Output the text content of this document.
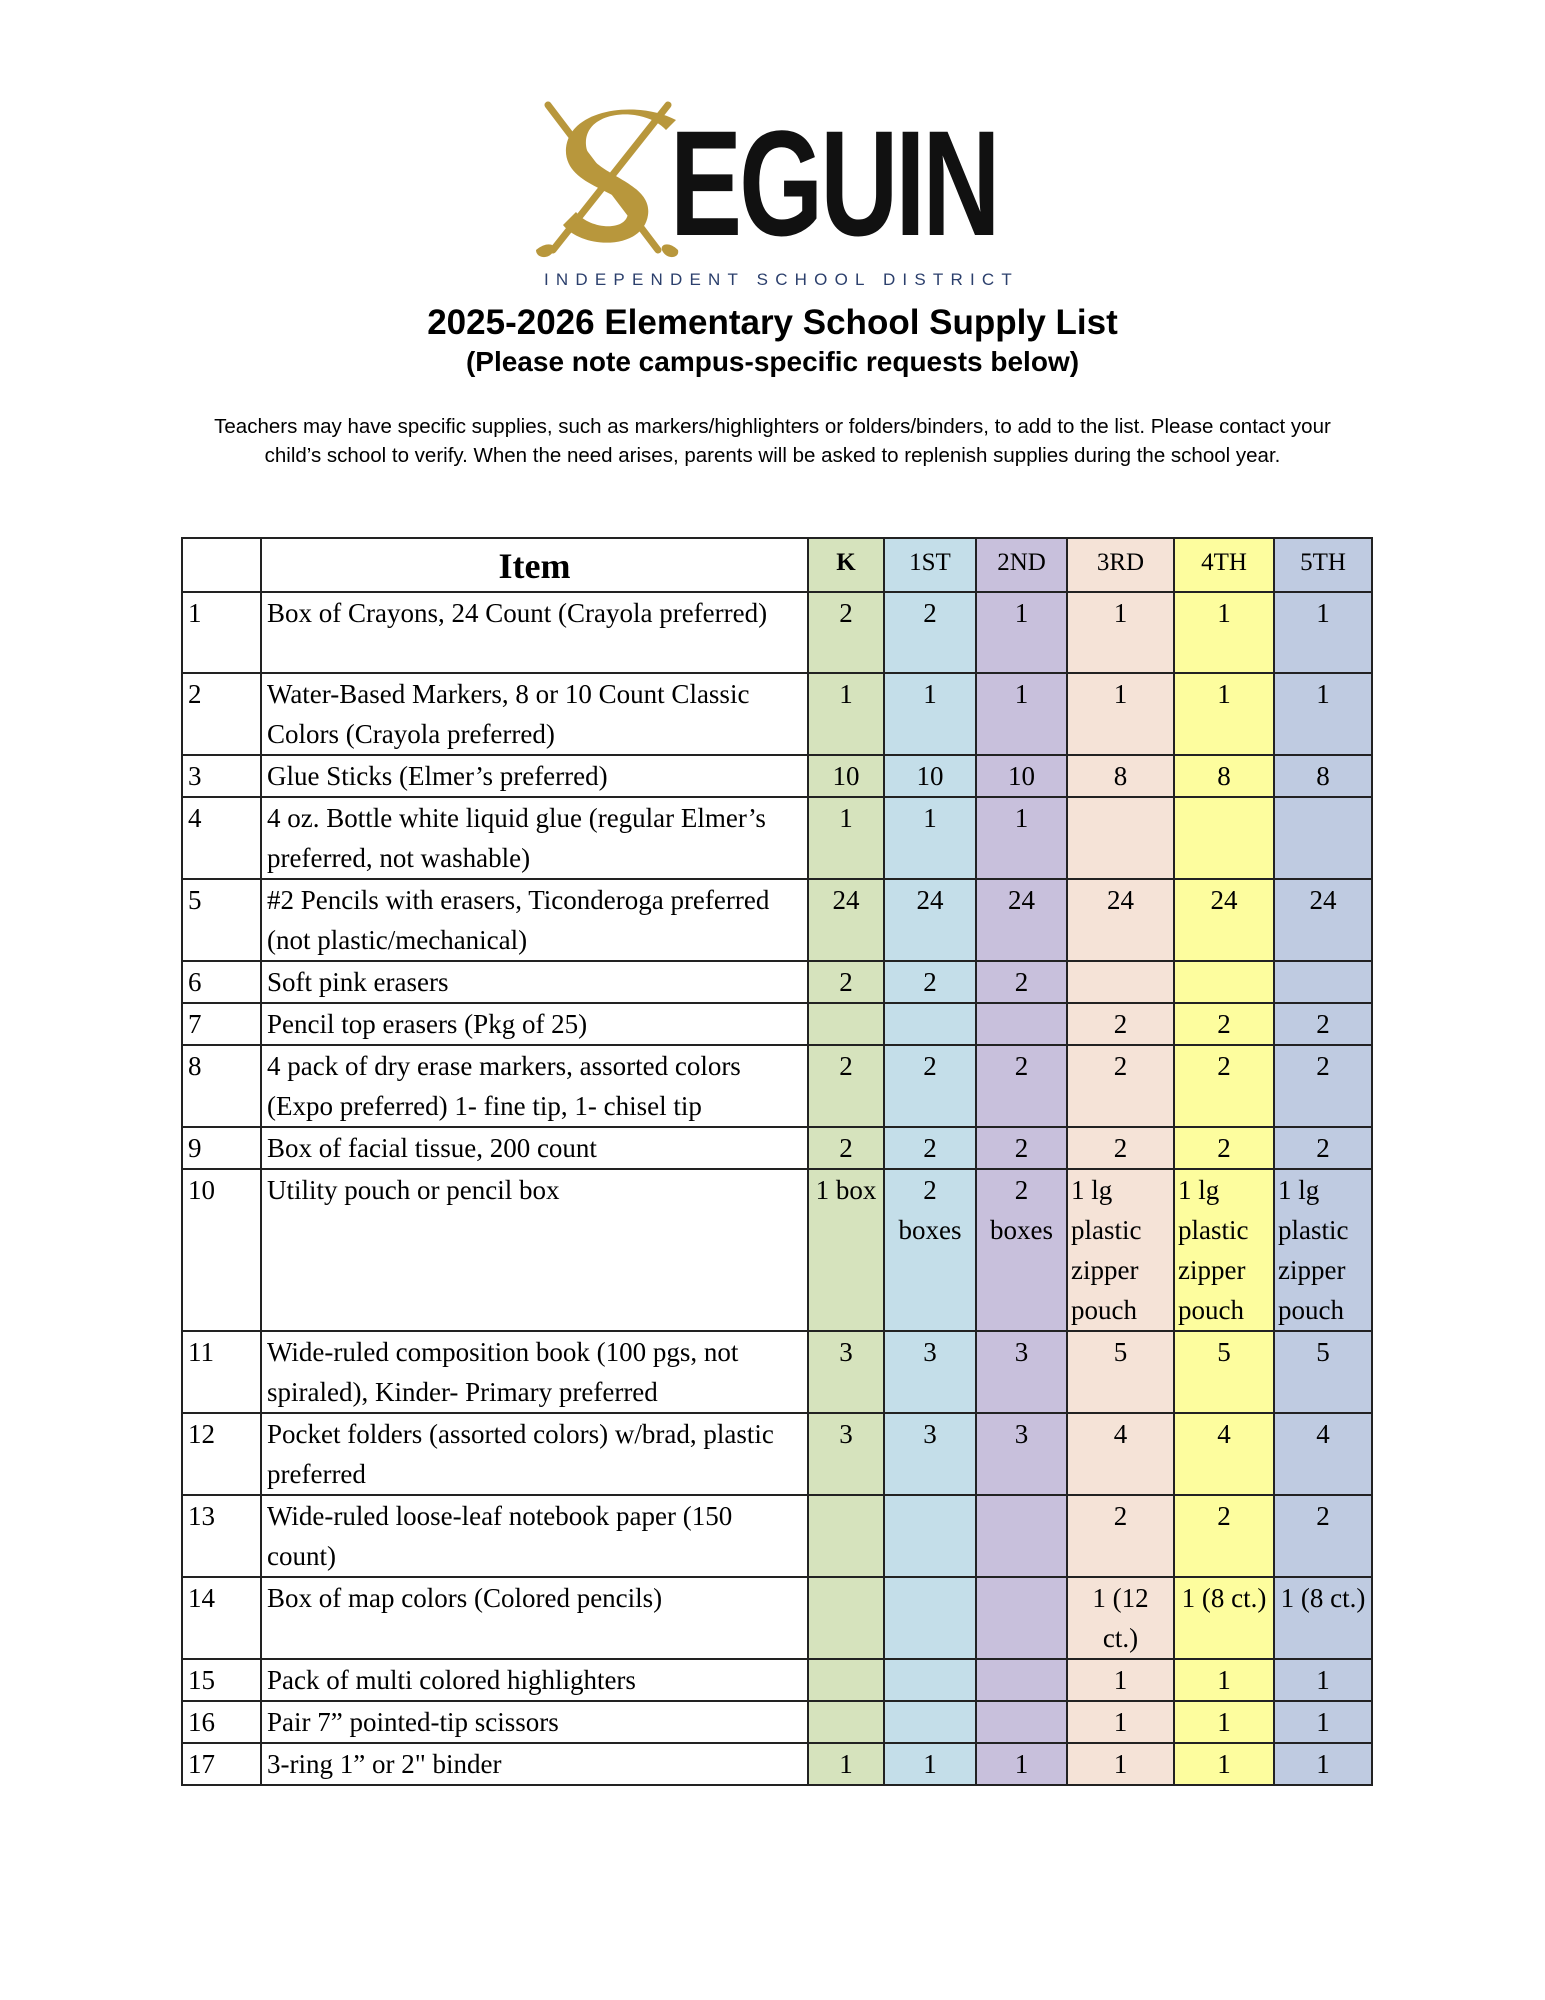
EGUIN
INDEPENDENT SCHOOL DISTRICT
2025-2026 Elementary School Supply List
(Please note campus-specific requests below)

Teachers may have specific supplies, such as markers/highlighters or folders/binders, to add to the list. Please contact your child’s school to verify. When the need arises, parents will be asked to replenish supplies during the school year.

	Item	K	1ST	2ND	3RD	4TH	5TH
1	Box of Crayons, 24 Count (Crayola preferred)	2	2	1	1	1	1
2	Water-Based Markers, 8 or 10 Count Classic Colors (Crayola preferred)	1	1	1	1	1	1
3	Glue Sticks (Elmer’s preferred)	10	10	10	8	8	8
4	4 oz. Bottle white liquid glue (regular Elmer’s preferred, not washable)	1	1	1			
5	#2 Pencils with erasers, Ticonderoga preferred (not plastic/mechanical)	24	24	24	24	24	24
6	Soft pink erasers	2	2	2			
7	Pencil top erasers (Pkg of 25)				2	2	2
8	4 pack of dry erase markers, assorted colors (Expo preferred) 1- fine tip, 1- chisel tip	2	2	2	2	2	2
9	Box of facial tissue, 200 count	2	2	2	2	2	2
10	Utility pouch or pencil box	1 box	2 boxes	2 boxes	1 lg plastic zipper pouch	1 lg plastic zipper pouch	1 lg plastic zipper pouch
11	Wide-ruled composition book (100 pgs, not spiraled), Kinder- Primary preferred	3	3	3	5	5	5
12	Pocket folders (assorted colors) w/brad, plastic preferred	3	3	3	4	4	4
13	Wide-ruled loose-leaf notebook paper (150 count)				2	2	2
14	Box of map colors (Colored pencils)				1 (12 ct.)	1 (8 ct.)	1 (8 ct.)
15	Pack of multi colored highlighters				1	1	1
16	Pair 7” pointed-tip scissors				1	1	1
17	3-ring 1” or 2" binder	1	1	1	1	1	1
